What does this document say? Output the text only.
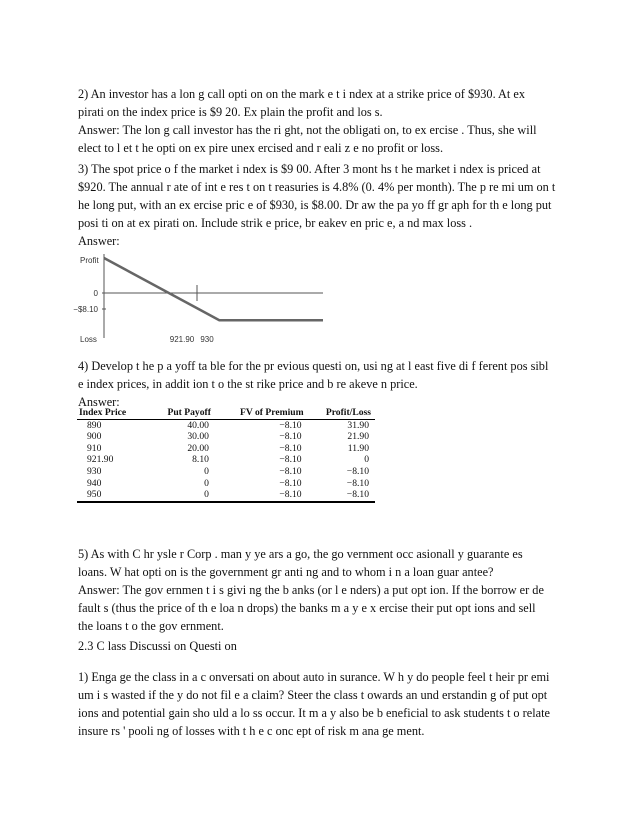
2) An investor has a lon g call opti on on the mark e t i ndex at a strike price of $930. At ex
pirati on the index price is $9 20. Ex plain the profit and los s.
Answer: The lon g call investor has the ri ght, not the obligati on, to ex ercise . Thus, she will
elect to l et t he opti on ex pire unex ercised and r eali z e no profit or loss.
3) The spot price o f the market i ndex is $9 00. After 3 mont hs t he market i ndex is priced at
$920. The annual r ate of int e res t on t reasuries is 4.8% (0. 4% per month). The p re mi um on t
he long put, with an ex ercise pric e of $930, is $8.00. Dr aw the pa yo ff gr aph for th e long put
posi ti on at ex pirati on. Include strik e price, br eakev en pric e, a nd max loss .
Answer:
Profit
Loss
0
−$8.10
921.90 930
4) Develop t he p a yoff ta ble for the pr evious questi on, usi ng at l east five di f ferent pos sibl
e index prices, in addit ion t o the st rike price and b re akeve n price.
Answer:
Index Price	Put Payoff	FV of Premium	Profit/Loss
890	40.00	−8.10	31.90
900	30.00	−8.10	21.90
910	20.00	−8.10	11.90
921.90	8.10	−8.10	0
930	0	−8.10	−8.10
940	0	−8.10	−8.10
950	0	−8.10	−8.10
5) As with C hr ysle r Corp . man y ye ars a go, the go vernment occ asionall y guarante es
loans. W hat opti on is the government gr anti ng and to whom i n a loan guar antee?
Answer: The gov ernmen t i s givi ng the b anks (or l e nders) a put opt ion. If the borrow er de
fault s (thus the price of th e loa n drops) the banks m a y e x ercise their put opt ions and sell
the loans t o the gov ernment.
2.3 C lass Discussi on Questi on
1) Enga ge the class in a c onversati on about auto in surance. W h y do people feel t heir pr emi
um i s wasted if the y do not fil e a claim? Steer the class t owards an und erstandin g of put opt
ions and potential gain sho uld a lo ss occur. It m a y also be b eneficial to ask students t o relate
insure rs ' pooli ng of losses with t h e c onc ept of risk m ana ge ment.
